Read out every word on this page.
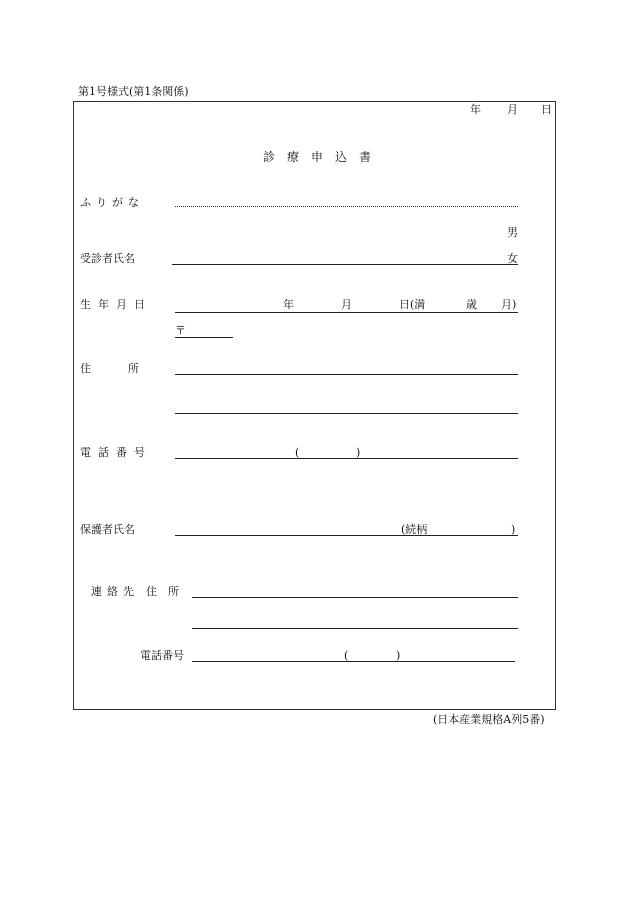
第1号様式(第1条関係)
年 月 日
診 療 申 込 書
ふ り が な
男
受診者氏名	女
生 年 月 日	年	月	日(満	歳 月)
〒
住	所
電 話 番 号	(	)
保護者氏名	(続柄	)
連 絡 先 住 所
電話番号	(	)
(日本産業規格A列5番)
